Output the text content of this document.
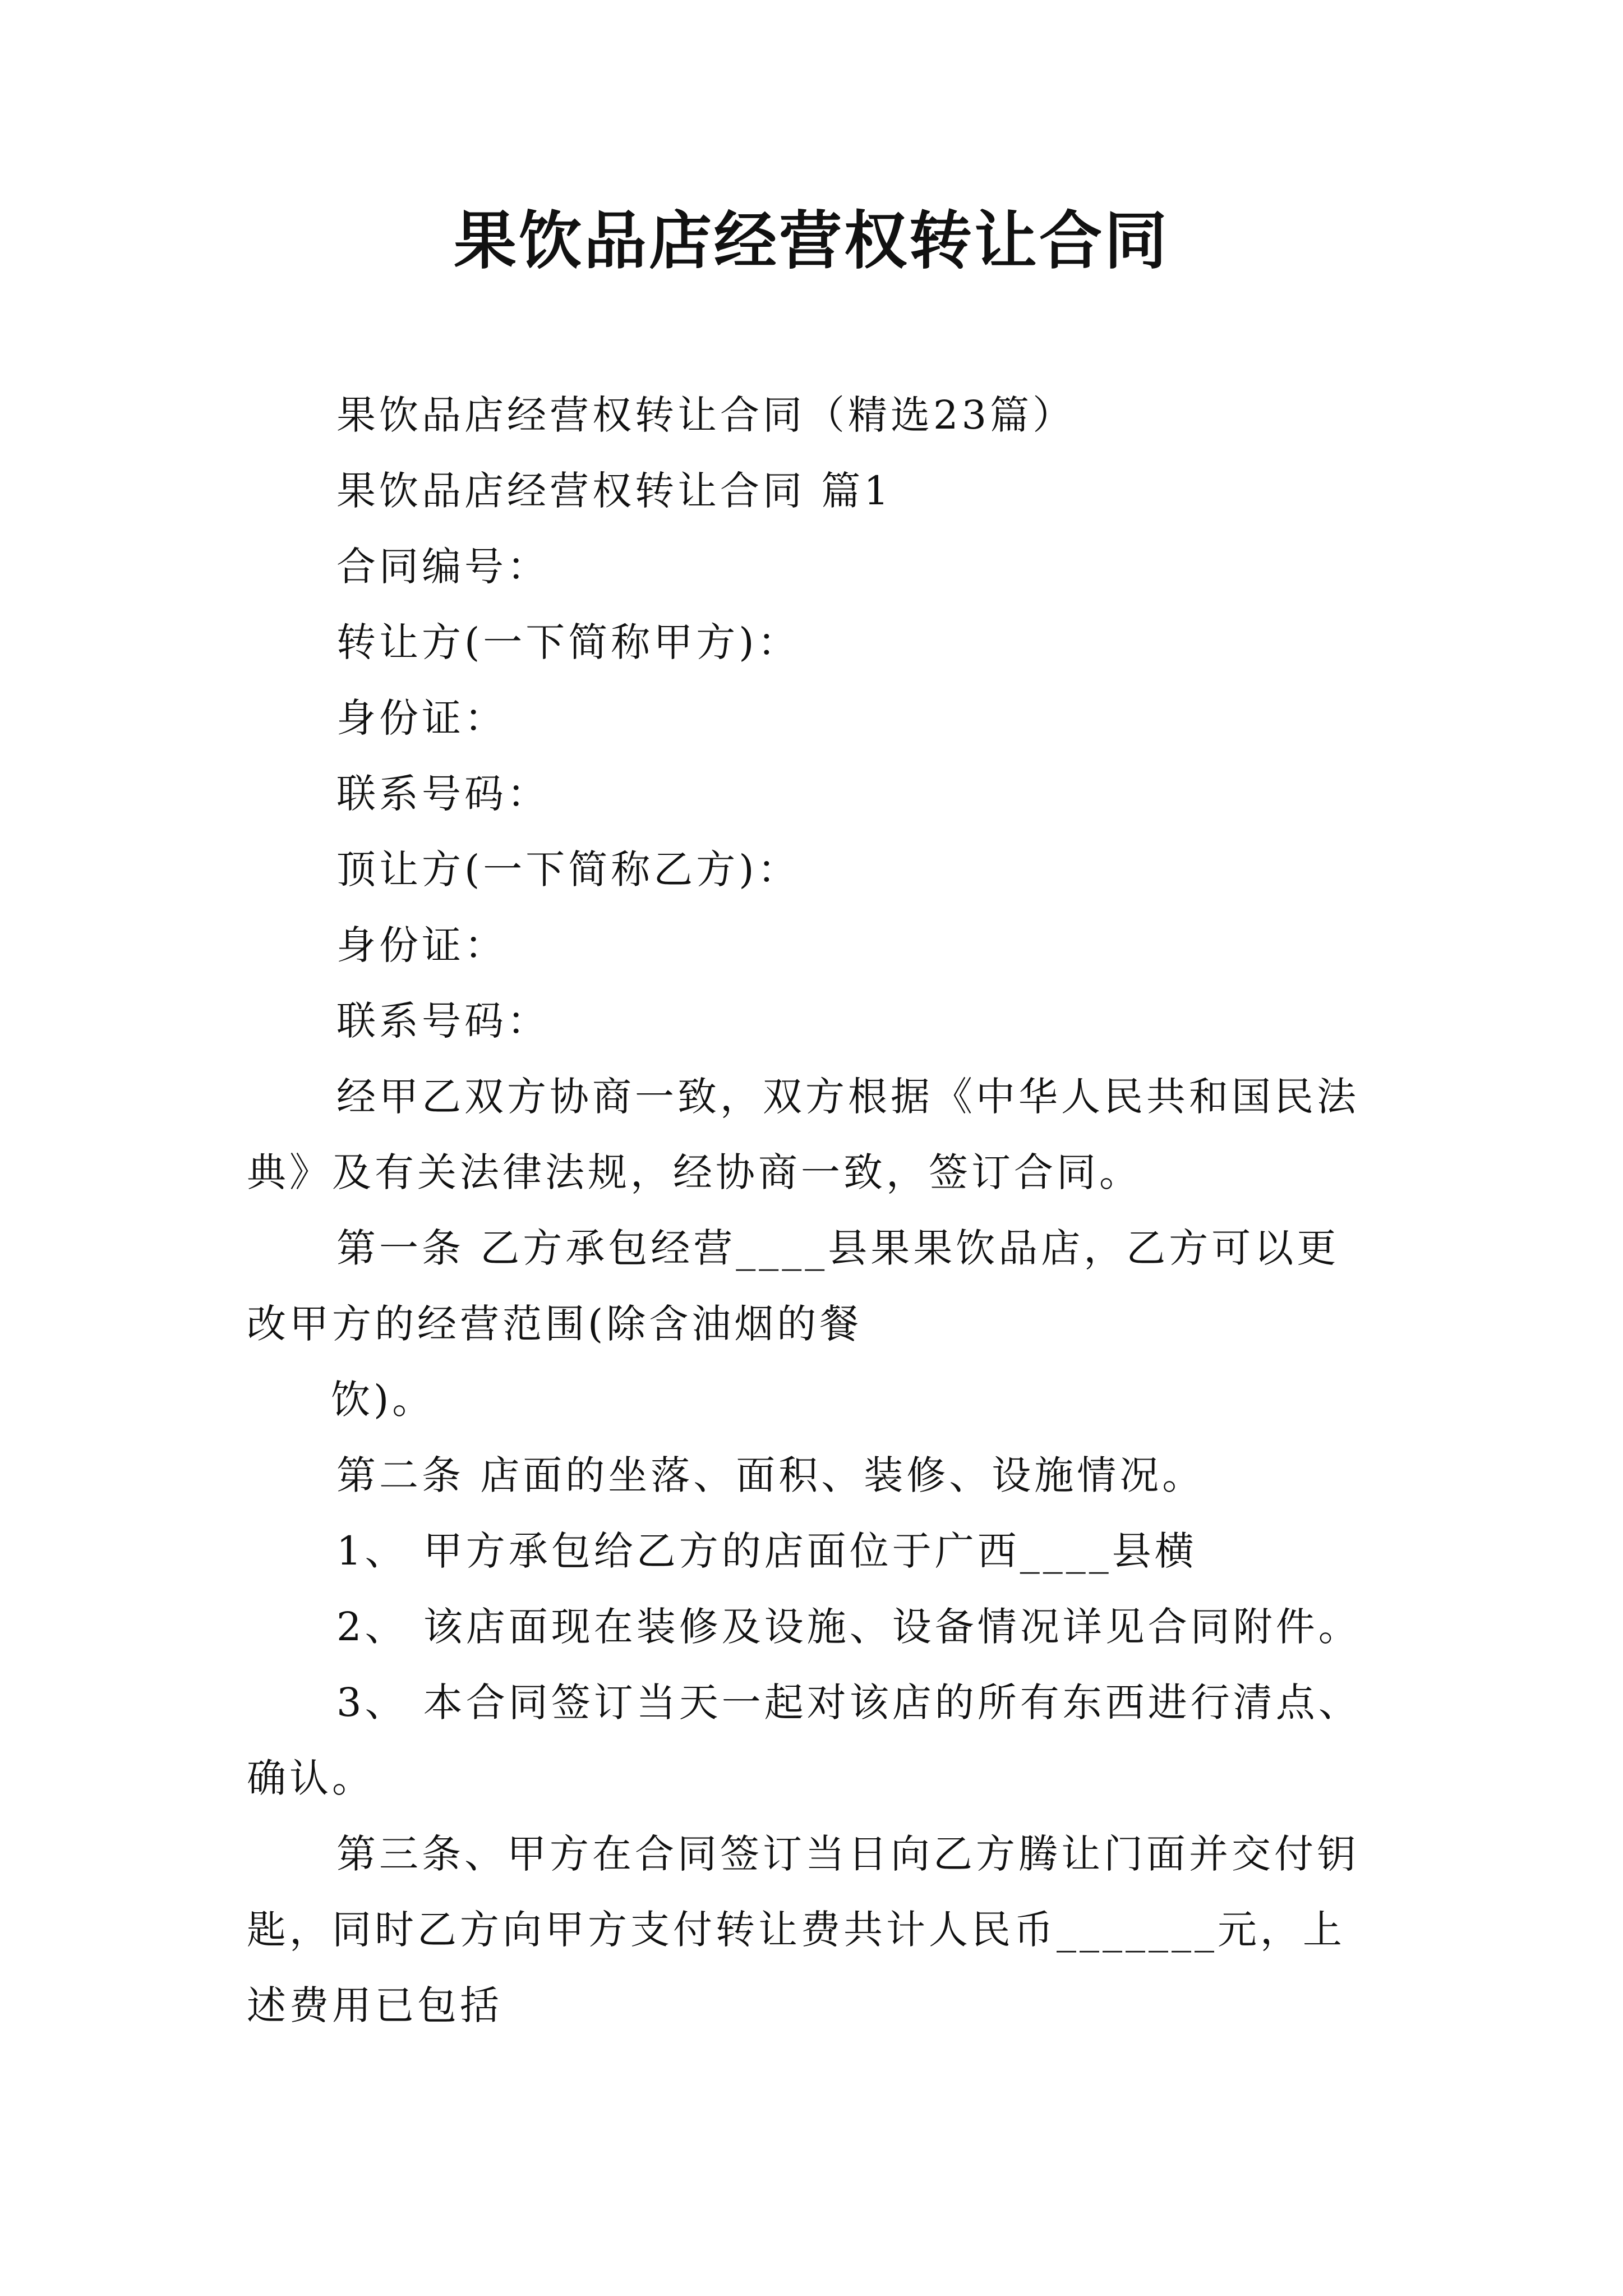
果饮品店经营权转让合同
果饮品店经营权转让合同（精选23篇）
果饮品店经营权转让合同 篇1
合同编号：
转让方(一下简称甲方)：
身份证：
联系号码：
顶让方(一下简称乙方)：
身份证：
联系号码：
经甲乙双方协商一致，双方根据《中华人民共和国民法
典》及有关法律法规，经协商一致，签订合同。
第一条 乙方承包经营____县果果饮品店，乙方可以更
改甲方的经营范围(除含油烟的餐
饮)。
第二条 店面的坐落、面积、装修、设施情况。
1、 甲方承包给乙方的店面位于广西____县横
2、 该店面现在装修及设施、设备情况详见合同附件。
3、 本合同签订当天一起对该店的所有东西进行清点、
确认。
第三条、甲方在合同签订当日向乙方腾让门面并交付钥
匙，同时乙方向甲方支付转让费共计人民币_______元，上
述费用已包括
